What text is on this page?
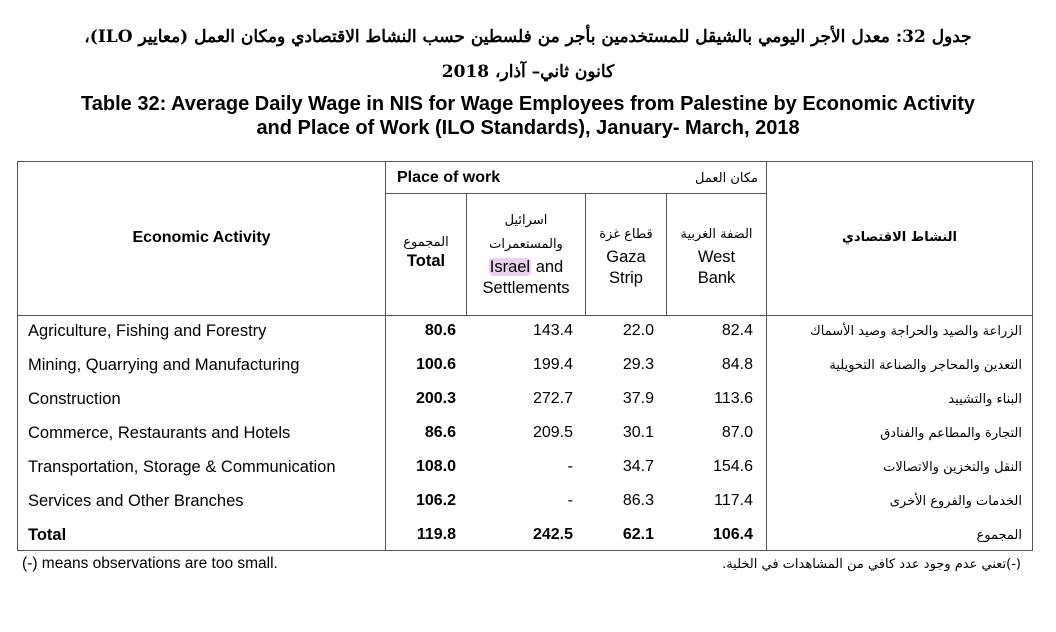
جدول 32: معدل الأجر اليومي بالشيقل للمستخدمين بأجر من فلسطين حسب النشاط الاقتصادي ومكان العمل (معايير ILO)،
كانون ثاني– آذار، 2018
Table 32: Average Daily Wage in NIS for Wage Employees from Palestine by Economic Activity
and Place of Work (ILO Standards), January- March, 2018
Economic Activity	النشاط الاقتصادي
Place of work	مكان العمل
المجموع
Total
اسرائيل
والمستعمرات
Israel and
Settlements
قطاع غزة
Gaza
Strip
الضفة الغربية
West
Bank
Agriculture, Fishing and Forestry	80.6	143.4	22.0	82.4	الزراعة والصيد والحراجة وصيد الأسماك
Mining, Quarrying and Manufacturing	100.6	199.4	29.3	84.8	التعدين والمحاجر والصناعة التحويلية
Construction	200.3	272.7	37.9	113.6	البناء والتشييد
Commerce, Restaurants and Hotels	86.6	209.5	30.1	87.0	التجارة والمطاعم والفنادق
Transportation, Storage & Communication	108.0	-	34.7	154.6	النقل والتخزين والاتصالات
Services and Other Branches	106.2	-	86.3	117.4	الخدمات والفروع الأخرى
Total	119.8	242.5	62.1	106.4	المجموع
(-) means observations are too small.	(-)تعني عدم وجود عدد كافي من المشاهدات في الخلية.
